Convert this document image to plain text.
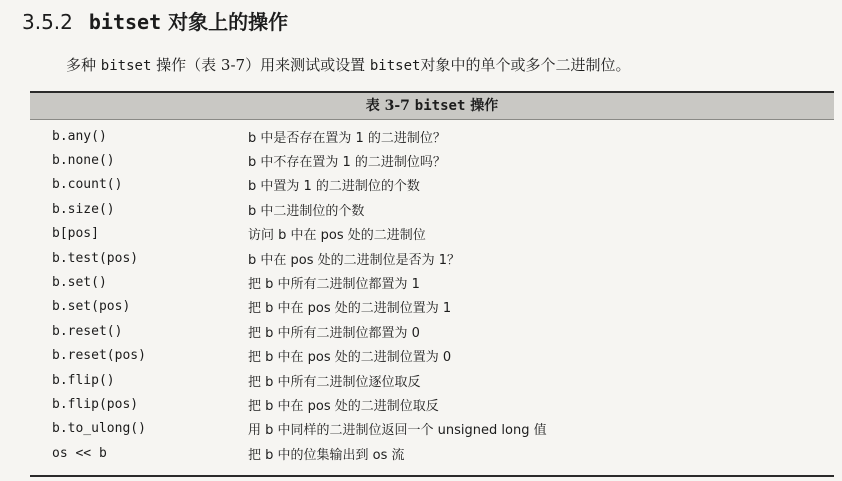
3.5.2 bitset 对象上的操作
多种 bitset 操作（表 3-7）用来测试或设置 bitset对象中的单个或多个二进制位。
表 3-7 bitset 操作
b.any()	b 中是否存在置为 1 的二进制位？
b.none()	b 中不存在置为 1 的二进制位吗？
b.count()	b 中置为 1 的二进制位的个数
b.size()	b 中二进制位的个数
b[pos]	访问 b 中在 pos 处的二进制位
b.test(pos)	b 中在 pos 处的二进制位是否为 1？
b.set()	把 b 中所有二进制位都置为 1
b.set(pos)	把 b 中在 pos 处的二进制位置为 1
b.reset()	把 b 中所有二进制位都置为 0
b.reset(pos)	把 b 中在 pos 处的二进制位置为 0
b.flip()	把 b 中所有二进制位逐位取反
b.flip(pos)	把 b 中在 pos 处的二进制位取反
b.to_ulong()	用 b 中同样的二进制位返回一个 unsigned long 值
os << b	把 b 中的位集输出到 os 流
